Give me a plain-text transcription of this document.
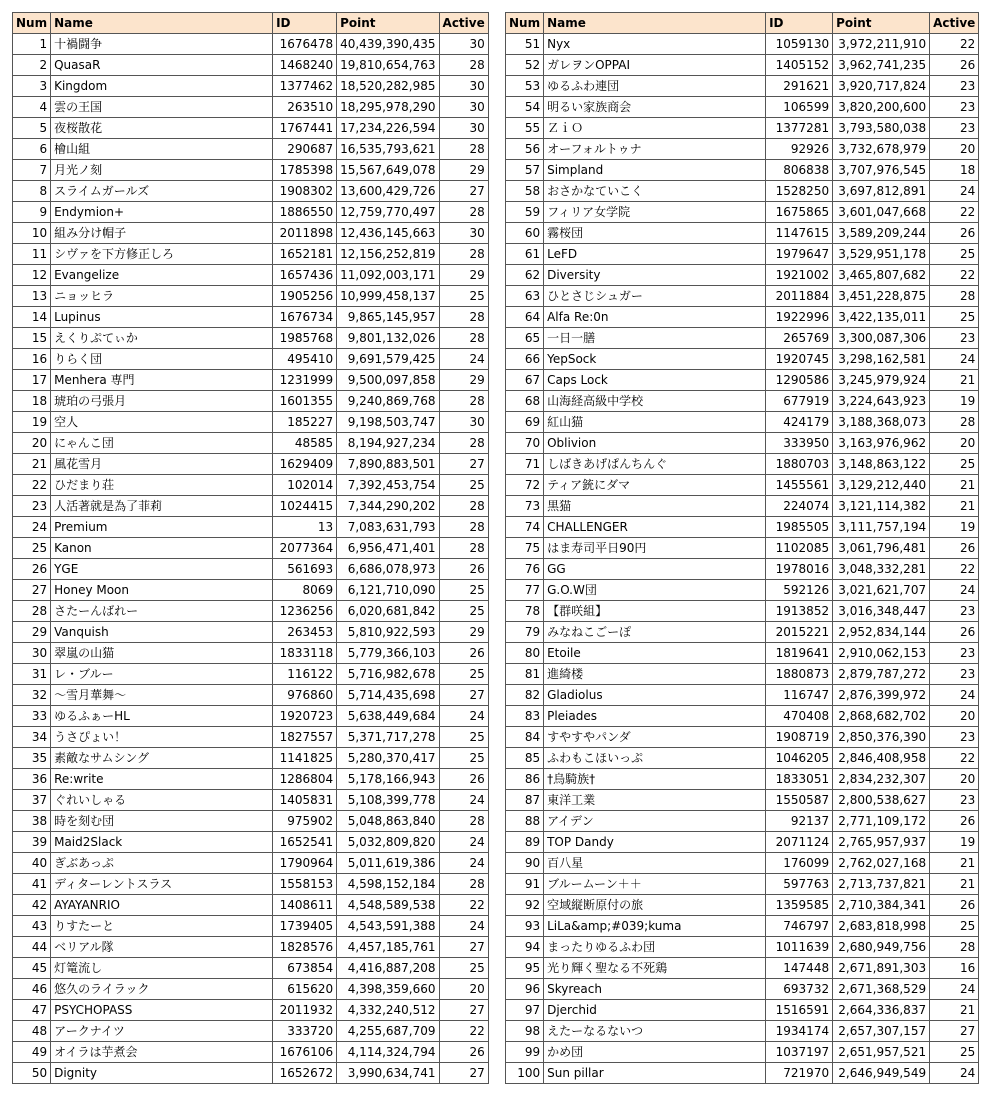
Num	Name	ID	Point	Active
1	十禍闘争	1676478	40,439,390,435	30
2	QuasaR	1468240	19,810,654,763	28
3	Kingdom	1377462	18,520,282,985	30
4	雲の王国	263510	18,295,978,290	30
5	夜桜散花	1767441	17,234,226,594	30
6	檜山組	290687	16,535,793,621	28
7	月光ノ刻	1785398	15,567,649,078	29
8	スライムガールズ	1908302	13,600,429,726	27
9	Endymion+	1886550	12,759,770,497	28
10	組み分け帽子	2011898	12,436,145,663	30
11	シヴァを下方修正しろ	1652181	12,156,252,819	28
12	Evangelize	1657436	11,092,003,171	29
13	ニョッヒラ	1905256	10,999,458,137	25
14	Lupinus	1676734	9,865,145,957	28
15	えくりぷてぃか	1985768	9,801,132,026	28
16	りらく団	495410	9,691,579,425	24
17	Menhera 専門	1231999	9,500,097,858	29
18	琥珀の弓張月	1601355	9,240,869,768	28
19	空人	185227	9,198,503,747	30
20	にゃんこ団	48585	8,194,927,234	28
21	風花雪月	1629409	7,890,883,501	27
22	ひだまり荘	102014	7,392,453,754	25
23	人活著就是為了菲莉	1024415	7,344,290,202	28
24	Premium	13	7,083,631,793	28
25	Kanon	2077364	6,956,471,401	28
26	YGE	561693	6,686,078,973	26
27	Honey Moon	8069	6,121,710,090	25
28	さたーんばれー	1236256	6,020,681,842	25
29	Vanquish	263453	5,810,922,593	29
30	翠嵐の山猫	1833118	5,779,366,103	26
31	レ・ブルー	116122	5,716,982,678	25
32	～雪月華舞～	976860	5,714,435,698	27
33	ゆるふぁーHL	1920723	5,638,449,684	24
34	うさぴょい！	1827557	5,371,717,278	25
35	素敵なサムシング	1141825	5,280,370,417	25
36	Re:write	1286804	5,178,166,943	26
37	ぐれいしゃる	1405831	5,108,399,778	24
38	時を刻む団	975902	5,048,863,840	28
39	Maid2Slack	1652541	5,032,809,820	24
40	ぎぶあっぷ	1790964	5,011,619,386	24
41	ディターレントスラス	1558153	4,598,152,184	28
42	AYAYANRIO	1408611	4,548,589,538	22
43	りすたーと	1739405	4,543,591,388	24
44	ベリアル隊	1828576	4,457,185,761	27
45	灯篭流し	673854	4,416,887,208	25
46	悠久のライラック	615620	4,398,359,660	20
47	PSYCHOPASS	2011932	4,332,240,512	27
48	アークナイツ	333720	4,255,687,709	22
49	オイラは芋煮会	1676106	4,114,324,794	26
50	Dignity	1652672	3,990,634,741	27
Num	Name	ID	Point	Active
51	Nyx	1059130	3,972,211,910	22
52	ガレヲンOPPAI	1405152	3,962,741,235	26
53	ゆるふわ連団	291621	3,920,717,824	23
54	明るい家族商会	106599	3,820,200,600	23
55	ＺｉＯ	1377281	3,793,580,038	23
56	オーフォルトゥナ	92926	3,732,678,979	20
57	Simpland	806838	3,707,976,545	18
58	おさかなていこく	1528250	3,697,812,891	24
59	フィリア女学院	1675865	3,601,047,668	22
60	霧桜団	1147615	3,589,209,244	26
61	LeFD	1979647	3,529,951,178	25
62	Diversity	1921002	3,465,807,682	22
63	ひとさじシュガー	2011884	3,451,228,875	28
64	Alfa Re:0n	1922996	3,422,135,011	25
65	一日一膳	265769	3,300,087,306	23
66	YepSock	1920745	3,298,162,581	24
67	Caps Lock	1290586	3,245,979,924	21
68	山海経高級中学校	677919	3,224,643,923	19
69	紅山猫	424179	3,188,368,073	28
70	Oblivion	333950	3,163,976,962	20
71	しばきあげぱんちんぐ	1880703	3,148,863,122	25
72	ティア銃にダマ	1455561	3,129,212,440	21
73	黒猫	224074	3,121,114,382	21
74	CHALLENGER	1985505	3,111,757,194	19
75	はま寿司平日90円	1102085	3,061,796,481	26
76	GG	1978016	3,048,332,281	22
77	G.O.W団	592126	3,021,621,707	24
78	【群咲組】	1913852	3,016,348,447	23
79	みなねこごーぽ	2015221	2,952,834,144	26
80	Etoile	1819641	2,910,062,153	23
81	進綺楼	1880873	2,879,787,272	23
82	Gladiolus	116747	2,876,399,972	24
83	Pleiades	470408	2,868,682,702	20
84	すやすやパンダ	1908719	2,850,376,390	23
85	ふわもこほいっぷ	1046205	2,846,408,958	22
86	†烏騎族†	1833051	2,834,232,307	20
87	東洋工業	1550587	2,800,538,627	23
88	アイデン	92137	2,771,109,172	26
89	TOP Dandy	2071124	2,765,957,937	19
90	百八星	176099	2,762,027,168	21
91	ブルームーン＋＋	597763	2,713,737,821	21
92	空域縦断原付の旅	1359585	2,710,384,341	26
93	LiLa&amp;#039;kuma	746797	2,683,818,998	25
94	まったりゆるふわ団	1011639	2,680,949,756	28
95	光り輝く聖なる不死鶏	147448	2,671,891,303	16
96	Skyreach	693732	2,671,368,529	24
97	Djerchid	1516591	2,664,336,837	21
98	えたーなるないつ	1934174	2,657,307,157	27
99	かめ団	1037197	2,651,957,521	25
100	Sun pillar	721970	2,646,949,549	24
